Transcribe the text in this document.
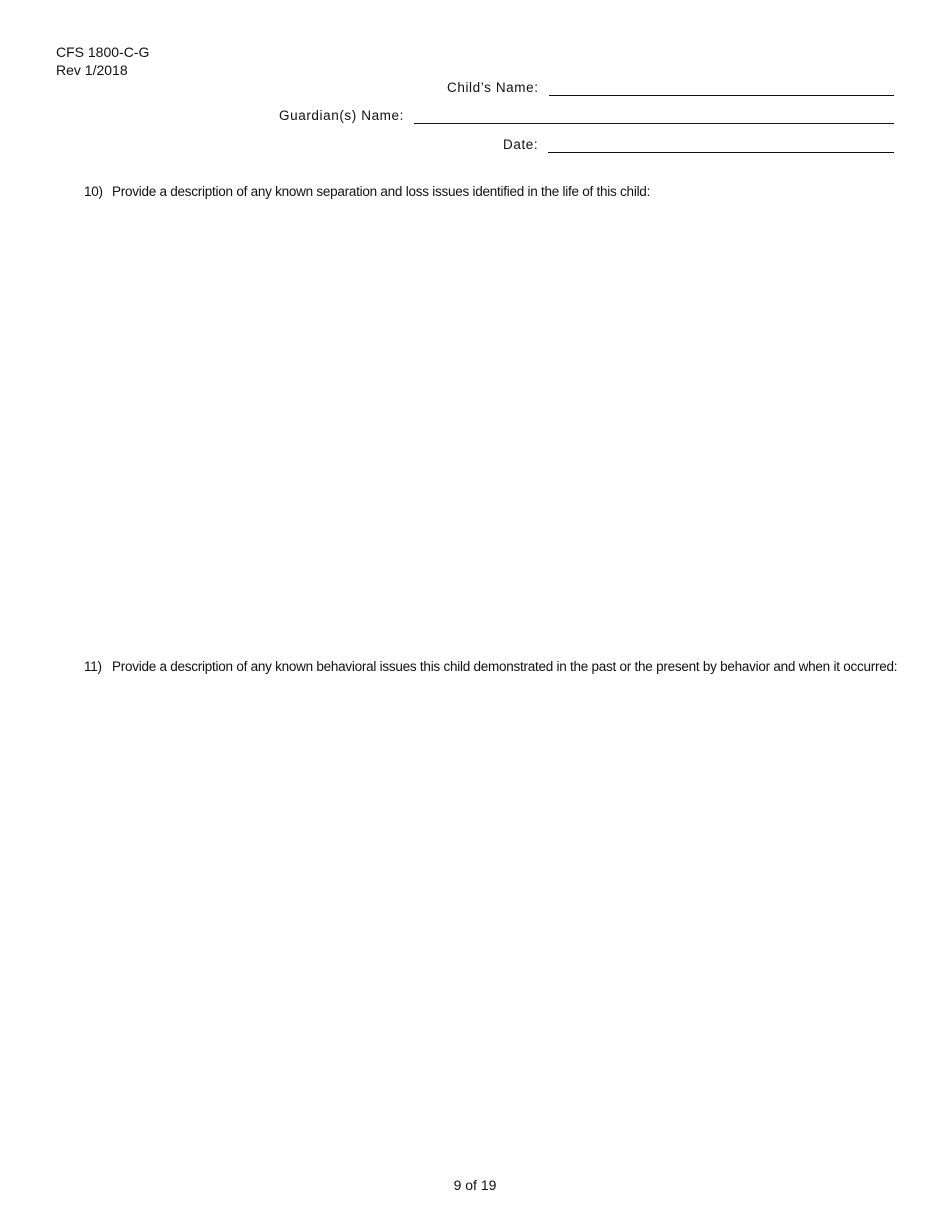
CFS 1800-C-G
Rev 1/2018
Child’s Name:
Guardian(s) Name:
Date:
10) Provide a description of any known separation and loss issues identified in the life of this child:
11) Provide a description of any known behavioral issues this child demonstrated in the past or the present by behavior and when it occurred:
9 of 19
